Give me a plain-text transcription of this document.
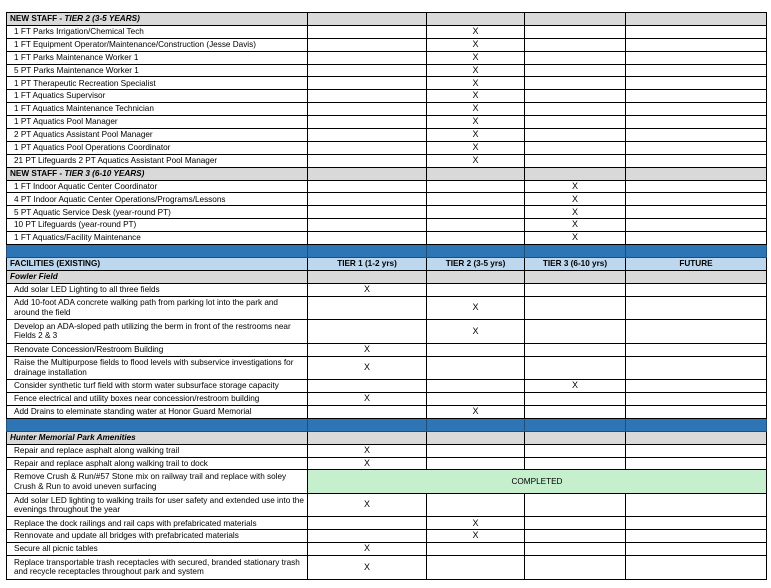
NEW STAFF - TIER 2 (3-5 YEARS)				
1 FT Parks Irrigation/Chemical Tech		X		
1 FT Equipment Operator/Maintenance/Construction (Jesse Davis)		X		
1 FT Parks Maintenance Worker 1		X		
5 PT Parks Maintenance Worker 1		X		
1 PT Therapeutic Recreation Specialist		X		
1 FT Aquatics Supervisor		X		
1 FT Aquatics Maintenance Technician		X		
1 PT Aquatics Pool Manager		X		
2 PT Aquatics Assistant Pool Manager		X		
1 PT Aquatics Pool Operations Coordinator		X		
21 PT Lifeguards 2 PT Aquatics Assistant Pool Manager		X		
NEW STAFF - TIER 3 (6-10 YEARS)				
1 FT Indoor Aquatic Center Coordinator			X	
4 PT Indoor Aquatic Center Operations/Programs/Lessons			X	
5 PT Aquatic Service Desk (year-round PT)			X	
10 PT Lifeguards (year-round PT)			X	
1 FT Aquatics/Facility Maintenance			X	

FACILITIES (EXISTING)	TIER 1 (1-2 yrs)	TIER 2 (3-5 yrs)	TIER 3 (6-10 yrs)	FUTURE
Fowler Field				
Add solar LED Lighting to all three fields	X			
Add 10-foot ADA concrete walking path from parking lot into the park and around the field		X		
Develop an ADA-sloped path utilizing the berm in front of the restrooms near Fields 2 & 3		X		
Renovate Concession/Restroom Building	X			
Raise the Multipurpose fields to flood levels with subservice investigations for drainage installation	X			
Consider synthetic turf field with storm water subsurface storage capacity			X	
Fence electrical and utility boxes near concession/restroom building	X			
Add Drains to eleminate standing water at Honor Guard Memorial		X		

Hunter Memorial Park Amenities				
Repair and replace asphalt along walking trail	X			
Repair and replace asphalt along walking trail to dock	X			
Remove Crush & Run/#57 Stone mix on railway trail and replace with soley Crush & Run to avoid uneven surfacing	COMPLETED			
Add solar LED lighting to walking trails for user safety and extended use into the evenings throughout the year	X			
Replace the dock railings and rail caps with prefabricated materials		X		
Rennovate and update all bridges with prefabricated materials		X		
Secure all picnic tables	X			
Replace transportable trash receptacles with secured, branded stationary trash and recycle receptacles throughout park and system	X			
